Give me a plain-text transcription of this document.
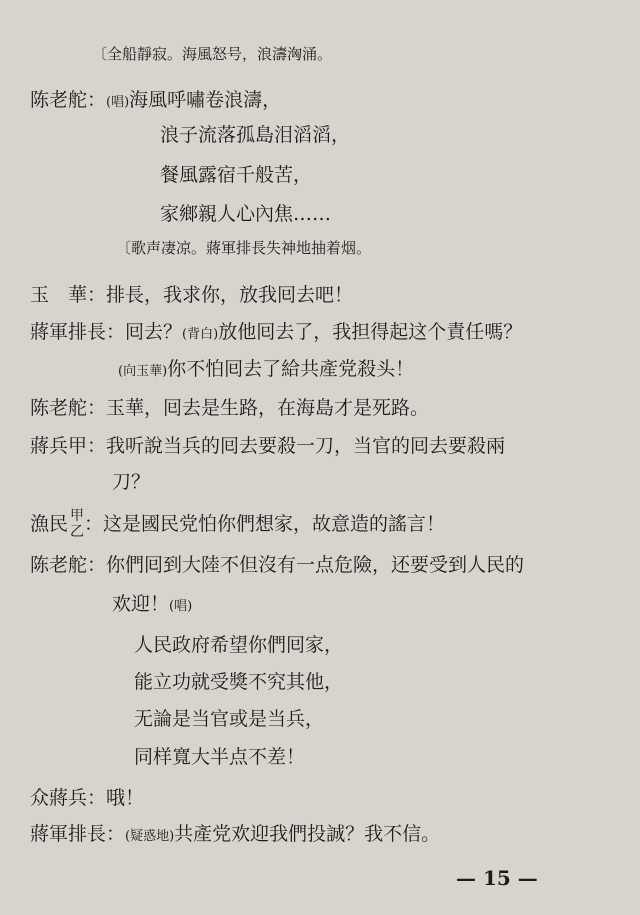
〔全船靜寂。海風怒号，浪濤洶涌。
陈老舵：(唱)海風呼嘯卷浪濤，
浪子流落孤島泪滔滔，
餐風露宿千般苦，
家鄉親人心內焦……
〔歌声凄凉。蔣軍排長失神地抽着烟。
玉　華：排長，我求你，放我囘去吧！
蔣軍排長：囘去？(背白)放他囘去了，我担得起这个責任嗎？
(向玉華)你不怕囘去了給共產党殺头！
陈老舵：玉華，囘去是生路，在海島才是死路。
蔣兵甲：我听說当兵的囘去要殺一刀，当官的囘去要殺兩
刀？
漁民 甲
乙 ：这是國民党怕你們想家，故意造的謠言！
陈老舵：你們囘到大陸不但沒有一点危險，还要受到人民的
欢迎！(唱)
人民政府希望你們囘家，
能立功就受獎不究其他，
无論是当官或是当兵，
同样寬大半点不差！
众蔣兵：哦！
蔣軍排長：(疑惑地)共產党欢迎我們投誠？我不信。
— 15 —
